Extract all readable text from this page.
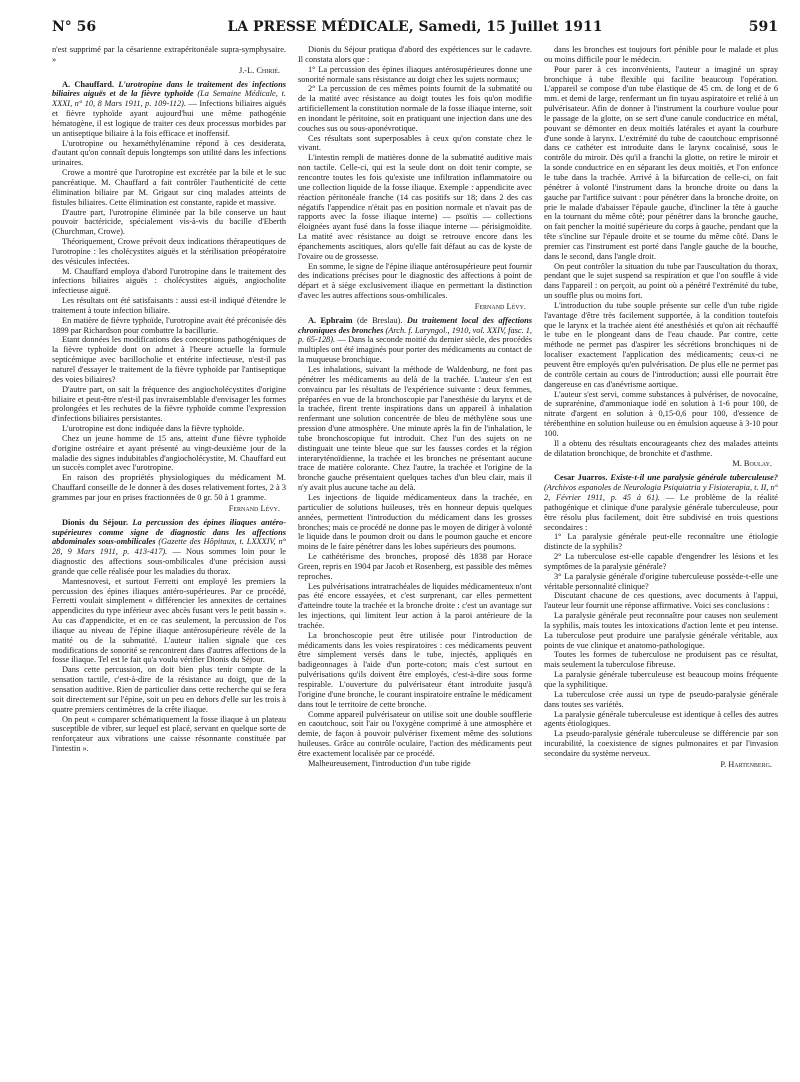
N° 56	LA PRESSE MÉDICALE, Samedi, 15 Juillet 1911	591

n'est supprimé par la césarienne extrapéritonéale supra-symphysaire. »

J.-L. Chirié.

A. Chauffard. L'urotropine dans le traitement des infections biliaires aiguës et de la fièvre typhoïde (La Semaine Médicale, t. XXXI, n° 10, 8 Mars 1911, p. 109-112). — Infections biliaires aiguës et fièvre typhoïde ayant aujourd'hui une même pathogénie hématogène, il est logique de traiter ces deux processus morbides par un antiseptique biliaire à la fois efficace et inoffensif.

L'urotropine ou hexaméthylénamine répond à ces desiderata, d'autant qu'on connaît depuis longtemps son utilité dans les infections urinaires.

Crowe a montré que l'urotropine est excrétée par la bile et le suc pancréatique. M. Chauffard a fait contrôler l'authenticité de cette élimination biliaire par M. Grigaut sur cinq malades atteints de fistules biliaires. Cette élimination est constante, rapide et massive.

D'autre part, l'urotropine éliminée par la bile conserve un haut pouvoir bactéricide, spécialement vis-à-vis du bacille d'Eberth (Churchman, Crowe).

Théoriquement, Crowe prévoit deux indications thérapeutiques de l'urotropine : les cholécystites aiguës et la stérilisation préopératoire des vésicules infectées.

M. Chauffard employa d'abord l'urotropine dans le traitement des infections biliaires aiguës : cholécystites aiguës, angiocholite infectieuse aiguë.

Les résultats ont été satisfaisants : aussi est-il indiqué d'étendre le traitement à toute infection biliaire.

En matière de fièvre typhoïde, l'urotropine avait été préconisée dès 1899 par Richardson pour combattre la bacillurie.

Etant données les modifications des conceptions pathogéniques de la fièvre typhoïde dont on admet à l'heure actuelle la formule septicémique avec bacillocholie et entérite infectieuse, n'est-il pas naturel d'essayer le traitement de la fièvre typhoïde par l'antiseptique des voies biliaires?

D'autre part, on sait la fréquence des angiocholécystites d'origine biliaire et peut-être n'est-il pas invraisemblable d'envisager les formes prolongées et les rechutes de la fièvre typhoïde comme l'expression d'infections biliaires persistantes.

L'urotropine est donc indiquée dans la fièvre typhoïde.

Chez un jeune homme de 15 ans, atteint d'une fièvre typhoïde d'origine ostréaire et ayant présenté au vingt-deuxième jour de la maladie des signes indubitables d'angiocholécystite, M. Chauffard eut un succès complet avec l'urotropine.

En raison des propriétés physiologiques du médicament M. Chauffard conseille de le donner à des doses relativement fortes, 2 à 3 grammes par jour en prises fractionnées de 0 gr. 50 à 1 gramme.

Fernand Lévy.

Dionis du Séjour. La percussion des épines iliaques antéro-supérieures comme signe de diagnostic dans les affections abdominales sous-ombilicales (Gazette des Hôpitaux, t. LXXXIV, n° 28, 9 Mars 1911, p. 413-417). — Nous sommes loin pour le diagnostic des affections sous-ombilicales d'une précision aussi grande que celle réalisée pour les maladies du thorax.

Mantesnovesi, et surtout Ferretti ont employé les premiers la percussion des épines iliaques antéro-supérieures. Par ce procédé, Ferretti voulait simplement « différencier les annexites de certaines appendicites du type inférieur avec abcès fusant vers le petit bassin ». Au cas d'appendicite, et en ce cas seulement, la percussion de l'os iliaque au niveau de l'épine iliaque antérosupérieure révèle de la matité ou de la submatité. L'auteur italien signale que ces modifications de sonorité se rencontrent dans d'autres affections de la fosse iliaque. Tel est le fait qu'a voulu vérifier Dionis du Séjour.

Dans cette percussion, on doit bien plus tenir compte de la sensation tactile, c'est-à-dire de la résistance au doigt, que de la sensation auditive. Rien de particulier dans cette recherche qui se fera soit directement sur l'épine, soit un peu en dehors d'elle sur les trois à quatre premiers centimètres de la crête iliaque.

On peut « comparer schématiquement la fosse iliaque à un plateau susceptible de vibrer, sur lequel est placé, servant en quelque sorte de renforçateur aux vibrations une caisse résonnante constituée par l'intestin ».

Dionis du Séjour pratiqua d'abord des expériences sur le cadavre. Il constata alors que :

1° La percussion des épines iliaques antérosupérieures donne une sonorité normale sans résistance au doigt chez les sujets normaux;

2° La percussion de ces mêmes points fournit de la submatité ou de la matité avec résistance au doigt toutes les fois qu'on modifie artificiellement la constitution normale de la fosse iliaque interne, soit en inondant le péritoine, soit en pratiquant une injection dans une des couches sus ou sous-aponévrotique.

Ces résultats sont superposables à ceux qu'on constate chez le vivant.

L'intestin rempli de matières donne de la submatité auditive mais non tactile. Celle-ci, qui est la seule dont on doit tenir compte, se rencontre toutes les fois qu'existe une infiltration inflammatoire ou une collection liquide de la fosse iliaque. Exemple : appendicite avec réaction péritonéale franche (14 cas positifs sur 18; dans 2 des cas négatifs l'appendice n'était pas en position normale et n'avait pas de rapports avec la fosse iliaque interne) — psoïtis — collections éloignées ayant fusé dans la fosse iliaque interne — périsigmoïdite. La matité avec résistance au doigt se retrouve encore dans les épanchements ascitiques, alors qu'elle fait défaut au cas de kyste de l'ovaire ou de grossesse.

En somme, le signe de l'épine iliaque antérosupérieure peut fournir des indications précises pour le diagnostic des affections à point de départ et à siège exclusivement iliaque en permettant la distinction d'avec les autres affections sous-ombilicales.

Fernand Lévy.

A. Ephraim (de Breslau). Du traitement local des affections chroniques des bronches (Arch. f. Laryngol., 1910, vol. XXIV, fasc. 1, p. 65-128). — Dans la seconde moitié du dernier siècle, des procédés multiples ont été imaginés pour porter des médicaments au contact de la muqueuse bronchique.

Les inhalations, suivant la méthode de Waldenburg, ne font pas pénétrer les médicaments au delà de la trachée. L'auteur s'en est convaincu par les résultats de l'expérience suivante : deux femmes, préparées en vue de la bronchoscopie par l'anesthésie du larynx et de la trachée, firent trente inspirations dans un appareil à inhalation renfermant une solution concentrée de bleu de méthylène sous une pression d'une atmosphère. Une minute après la fin de l'inhalation, le tube bronchoscopique fut introduit. Chez l'un des sujets on ne distinguait une teinte bleue que sur les fausses cordes et la région interaryténoïdienne, la trachée et les bronches ne présentant aucune trace de matière colorante. Chez l'autre, la trachée et l'origine de la bronche gauche présentaient quelques taches d'un bleu clair, mais il n'y avait plus aucune tache au delà.

Les injections de liquide médicamenteux dans la trachée, en particulier de solutions huileuses, très en honneur depuis quelques années, permettent l'introduction du médicament dans les grosses bronches; mais ce procédé ne donne pas le moyen de diriger à volonté le liquide dans le poumon droit ou dans le poumon gauche et encore moins de le faire pénétrer dans les lobes supérieurs des poumons.

Le cathétérisme des bronches, proposé dès 1838 par Horace Green, repris en 1904 par Jacob et Rosenberg, est passible des mêmes reproches.

Les pulvérisations intratrachéales de liquides médicamenteux n'ont pas été encore essayées, et c'est surprenant, car elles permettent d'atteindre toute la trachée et la bronche droite : c'est un avantage sur les injections, qui limitent leur action à la paroi antérieure de la trachée.

La bronchoscopie peut être utilisée pour l'introduction de médicaments dans les voies respiratoires : ces médicaments peuvent être simplement versés dans le tube, injectés, appliqués en badigeonnages à l'aide d'un porte-coton; mais c'est surtout en pulvérisations qu'ils doivent être employés, c'est-à-dire sous forme respirable. L'ouverture du pulvérisateur étant introduite jusqu'à l'origine d'une bronche, le courant inspiratoire entraîne le médicament dans tout le territoire de cette bronche.

Comme appareil pulvérisateur on utilise soit une double soufflerie en caoutchouc, soit l'air ou l'oxygène comprimé à une atmosphère et demie, de façon à pouvoir pulvériser fixement même des solutions huileuses. Grâce au contrôle oculaire, l'action des médicaments peut être exactement localisée par ce procédé.

Malheureusement, l'introduction d'un tube rigide

dans les bronches est toujours fort pénible pour le malade et plus ou moins difficile pour le médecin.

Pour parer à ces inconvénients, l'auteur a imaginé un spray bronchique à tube flexible qui facilite beaucoup l'opération. L'appareil se compose d'un tube élastique de 45 cm. de long et de 6 mm. et demi de large, renfermant un fin tuyau aspiratoire et relié à un pulvérisateur. Afin de donner à l'instrument la courbure voulue pour le passage de la glotte, on se sert d'une canule conductrice en métal, pouvant se démonter en deux moitiés latérales et ayant la courbure d'une sonde à larynx. L'extrémité du tube de caoutchouc emprisonné dans ce cathéter est introduite dans le larynx cocaïnisé, sous le contrôle du miroir. Dès qu'il a franchi la glotte, on retire le miroir et la sonde conductrice en en séparant les deux moitiés, et l'on enfonce le tube dans la trachée. Arrivé à la bifurcation de celle-ci, on fait pénétrer à volonté l'instrument dans la bronche droite ou dans la gauche par l'artifice suivant : pour pénétrer dans la bronche droite, on prie le malade d'abaisser l'épaule gauche, d'incliner la tête à gauche en la tournant du même côté; pour pénétrer dans la bronche gauche, on fait pencher la moitié supérieure du corps à gauche, pendant que la tête s'incline sur l'épaule droite et se tourne du même côté. Dans le premier cas l'instrument est porté dans l'angle gauche de la bouche, dans le second, dans l'angle droit.

On peut contrôler la situation du tube par l'auscultation du thorax, pendant que le sujet suspend sa respiration et que l'on souffle à vide dans l'appareil : on perçoit, au point où a pénétré l'extrémité du tube, un souffle plus ou moins fort.

L'introduction du tube souple présente sur celle d'un tube rigide l'avantage d'être très facilement supportée, à la condition toutefois que le larynx et la trachée aient été anesthésiés et qu'on ait réchauffé le tube en le plongeant dans de l'eau chaude. Par contre, cette méthode ne permet pas d'aspirer les sécrétions bronchiques ni de localiser exactement l'application des médicaments; ceux-ci ne peuvent être employés qu'en pulvérisation. De plus elle ne permet pas de contrôle certain au cours de l'introduction; aussi elle pourrait être dangereuse en cas d'anévrisme aortique.

L'auteur s'est servi, comme substances à pulvériser, de novocaïne, de suprarénine, d'ammoniaque iodé en solution à 1-6 pour 100, de nitrate d'argent en solution à 0,15-0,6 pour 100, d'essence de térébenthine en solution huileuse ou en émulsion aqueuse à 3-10 pour 100.

Il a obtenu des résultats encourageants chez des malades atteints de dilatation bronchique, de bronchite et d'asthme.

M. Boulay.

Cesar Juarros. Existe-t-il une paralysie générale tuberculeuse? (Archivos espanoles de Neurologia Psiquiatria y Fisioterapia, t. II, n° 2, Février 1911, p. 45 à 61). — Le problème de la réalité pathogénique et clinique d'une paralysie générale tuberculeuse, pour être résolu plus facilement, doit être subdivisé en trois questions secondaires :

1° La paralysie générale peut-elle reconnaître une étiologie distincte de la syphilis?

2° La tuberculose est-elle capable d'engendrer les lésions et les symptômes de la paralysie générale?

3° La paralysie générale d'origine tuberculeuse possède-t-elle une véritable personnalité clinique?

Discutant chacune de ces questions, avec documents à l'appui, l'auteur leur fournit une réponse affirmative. Voici ses conclusions :

La paralysie générale peut reconnaître pour causes non seulement la syphilis, mais toutes les intoxications d'action lente et peu intense. La tuberculose peut produire une paralysie générale véritable, aux points de vue clinique et anatomo-pathologique.

Toutes les formes de tuberculose ne produisent pas ce résultat, mais seulement la tuberculose fibreuse.

La paralysie générale tuberculeuse est beaucoup moins fréquente que la syphilitique.

La tuberculose crée aussi un type de pseudo-paralysie générale dans toutes ses variétés.

La paralysie générale tuberculeuse est identique à celles des autres agents étiologiques.

La pseudo-paralysie générale tuberculeuse se différencie par son incurabilité, la coexistence de signes pulmonaires et par l'invasion secondaire du système nerveux.

P. Hartenberg.
